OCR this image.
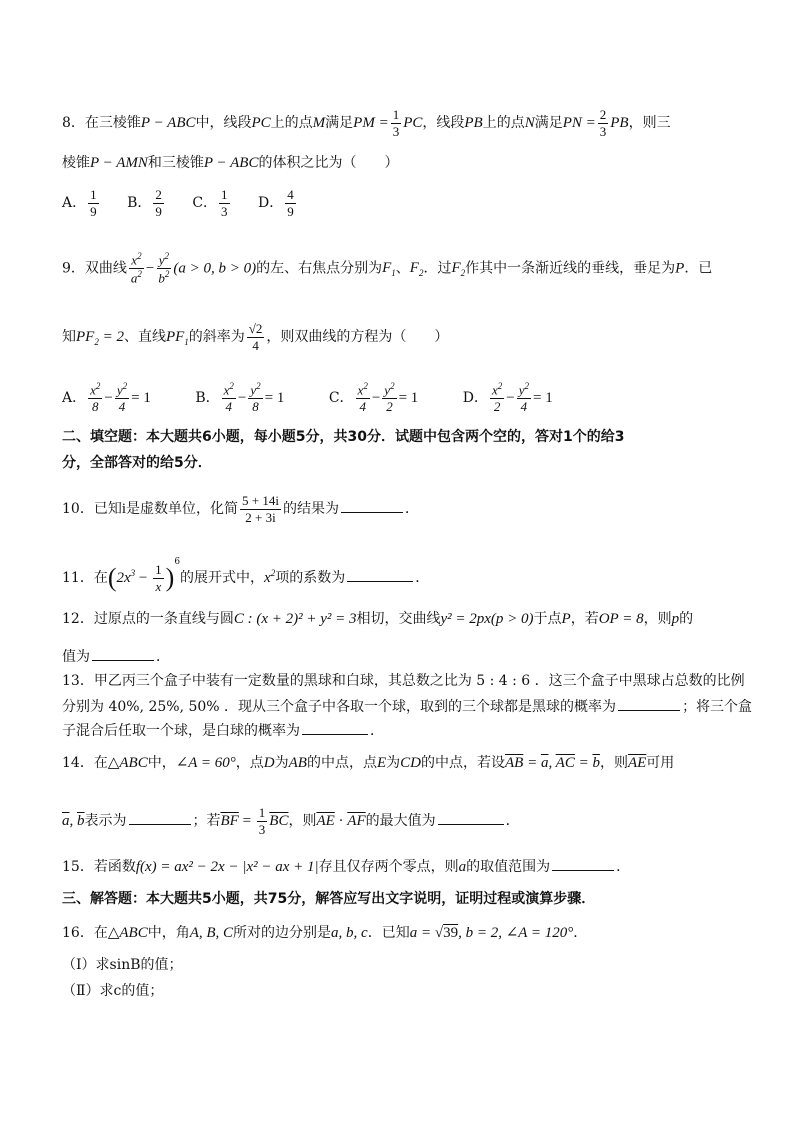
8．在三棱锥P − ABC中，线段PC上的点M满足PM = $\frac{1}{3}$ PC，线段PB上的点N满足PN = $\frac{2}{3}$ PB，则三
棱锥P − AMN和三棱锥P − ABC的体积之比为（　　）
A． $\frac{1}{9}$ B． $\frac{2}{9}$ C． $\frac{1}{3}$ D． $\frac{4}{9}$
9．双曲线 $\frac{x^2}{a^2} - \frac{y^2}{b^2} (a > 0$, b > 0)的左、右焦点分别为$F_1$、$F_2$．过$F_2$作其中一条渐近线的垂线，垂足为P．已
知$PF_2 = 2$、直线$PF_1$的斜率为 $\frac{√2}{4}$ ，则双曲线的方程为（　　）
A． $\frac{x^2}{8} - \frac{y^2}{4} = 1$	B． $\frac{x^2}{4} - \frac{y^2}{8} = 1$	C． $\frac{x^2}{4} - \frac{y^2}{2} = 1$	D． $\frac{x^2}{2} - \frac{y^2}{4} = 1$
二、填空题：本大题共6小题，每小题5分，共30分．试题中包含两个空的，答对1个的给3
分，全部答对的给5分．
10．已知i是虚数单位，化简 $\frac{5 + 14i}{2 + 3i}$ 的结果为	．
11．在$(2x^3 - \frac{1}{x} )^6$的展开式中，$x^2$项的系数为	．
12．过原点的一条直线与圆C : (x + 2)² + y² = 3相切，交曲线y² = 2px(p > 0)于点P，若OP = 8，则p的
值为	．
13．甲乙丙三个盒子中装有一定数量的黑球和白球，其总数之比为 5 : 4 : 6 ．这三个盒子中黑球占总数的比例
分别为 40%, 25%, 50% ．现从三个盒子中各取一个球，取到的三个球都是黑球的概率为	；将三个盒
子混合后任取一个球，是白球的概率为	．
14．在△ABC中，∠A = 60°，点D为AB的中点，点E为CD的中点，若设$\overline{AB} = \overline{a}$, $\overline{AC} = \overline{b}$，则$\overline{AE}$可用
$\overline{a}$, $\overline{b}$表示为	；若$\overline{BF} = \frac{1}{3} \overline{BC}$，则$\overline{AE} \cdot \overline{AF}$的最大值为	．
15．若函数f(x) = ax² − 2x − |x² − ax + 1|存且仅存两个零点，则a的取值范围为	．
三、解答题：本大题共5小题，共75分，解答应写出文字说明，证明过程或演算步骤．
16．在△ABC中，角A, B, C所对的边分别是a, b, c．已知a = √39, b = 2, ∠A = 120°．
（Ⅰ）求sinB的值；
（Ⅱ）求c的值；
